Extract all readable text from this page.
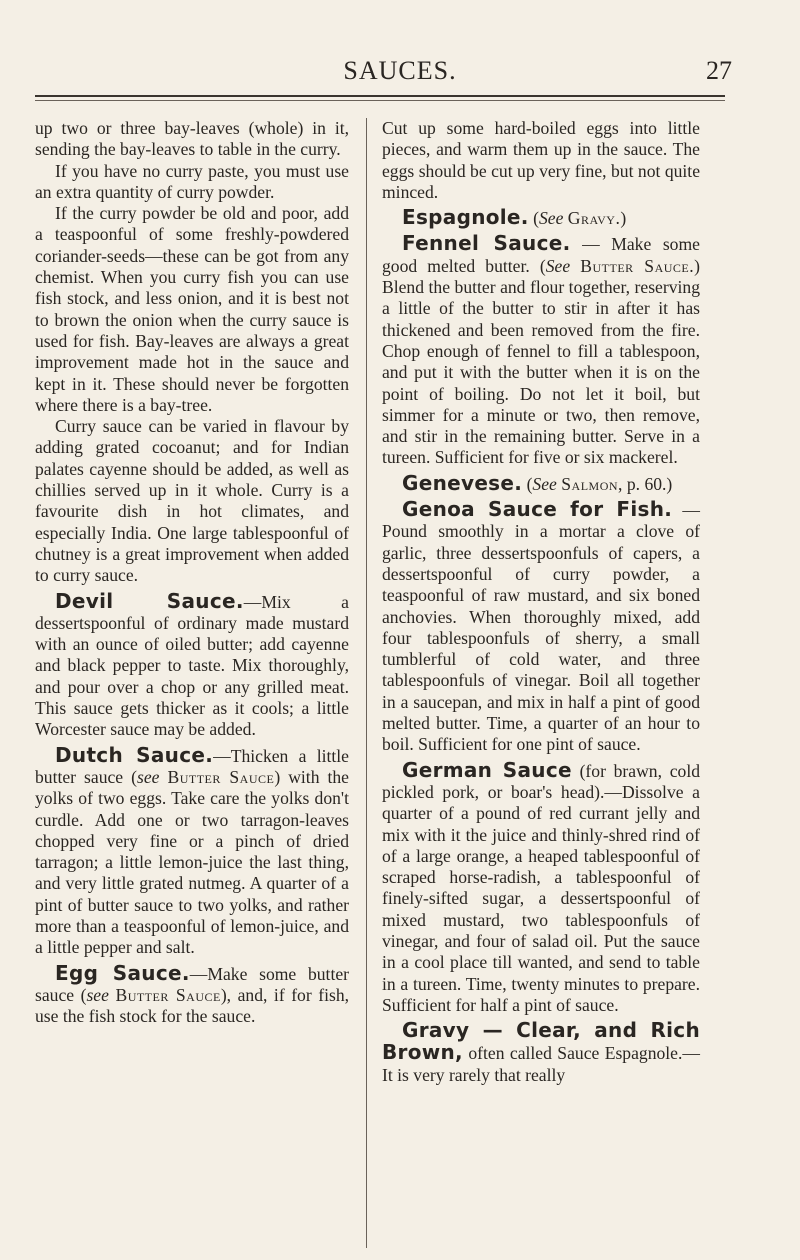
SAUCES.	27

up two or three bay-leaves (whole) in it, sending the bay-leaves to table in the curry.

If you have no curry paste, you must use an extra quantity of curry powder.

If the curry powder be old and poor, add a teaspoonful of some freshly-powdered coriander-seeds—these can be got from any chemist. When you curry fish you can use fish stock, and less onion, and it is best not to brown the onion when the curry sauce is used for fish. Bay-leaves are always a great improvement made hot in the sauce and kept in it. These should never be forgotten where there is a bay-tree.

Curry sauce can be varied in flavour by adding grated cocoanut; and for Indian palates cayenne should be added, as well as chillies served up in it whole. Curry is a favourite dish in hot climates, and especially India. One large tablespoonful of chutney is a great improvement when added to curry sauce.

Devil Sauce.—Mix a dessertspoonful of ordinary made mustard with an ounce of oiled butter; add cayenne and black pepper to taste. Mix thoroughly, and pour over a chop or any grilled meat. This sauce gets thicker as it cools; a little Worcester sauce may be added.

Dutch Sauce.—Thicken a little butter sauce (see Butter Sauce) with the yolks of two eggs. Take care the yolks don't curdle. Add one or two tarragon-leaves chopped very fine or a pinch of dried tarragon; a little lemon-juice the last thing, and very little grated nutmeg. A quarter of a pint of butter sauce to two yolks, and rather more than a teaspoonful of lemon-juice, and a little pepper and salt.

Egg Sauce.—Make some butter sauce (see Butter Sauce), and, if for fish, use the fish stock for the sauce.

Cut up some hard-boiled eggs into little pieces, and warm them up in the sauce. The eggs should be cut up very fine, but not quite minced.

Espagnole. (See Gravy.)

Fennel Sauce. — Make some good melted butter. (See Butter Sauce.) Blend the butter and flour together, reserving a little of the butter to stir in after it has thickened and been removed from the fire. Chop enough of fennel to fill a tablespoon, and put it with the butter when it is on the point of boiling. Do not let it boil, but simmer for a minute or two, then remove, and stir in the remaining butter. Serve in a tureen. Sufficient for five or six mackerel.

Genevese. (See Salmon, p. 60.)

Genoa Sauce for Fish. — Pound smoothly in a mortar a clove of garlic, three dessertspoonfuls of capers, a dessertspoonful of curry powder, a teaspoonful of raw mustard, and six boned anchovies. When thoroughly mixed, add four tablespoonfuls of sherry, a small tumblerful of cold water, and three tablespoonfuls of vinegar. Boil all together in a saucepan, and mix in half a pint of good melted butter. Time, a quarter of an hour to boil. Sufficient for one pint of sauce.

German Sauce (for brawn, cold pickled pork, or boar's head).—Dissolve a quarter of a pound of red currant jelly and mix with it the juice and thinly-shred rind of of a large orange, a heaped tablespoonful of scraped horse-radish, a tablespoonful of finely-sifted sugar, a dessertspoonful of mixed mustard, two tablespoonfuls of vinegar, and four of salad oil. Put the sauce in a cool place till wanted, and send to table in a tureen. Time, twenty minutes to prepare. Sufficient for half a pint of sauce.

Gravy — Clear, and Rich Brown, often called Sauce Espagnole.—It is very rarely that really
